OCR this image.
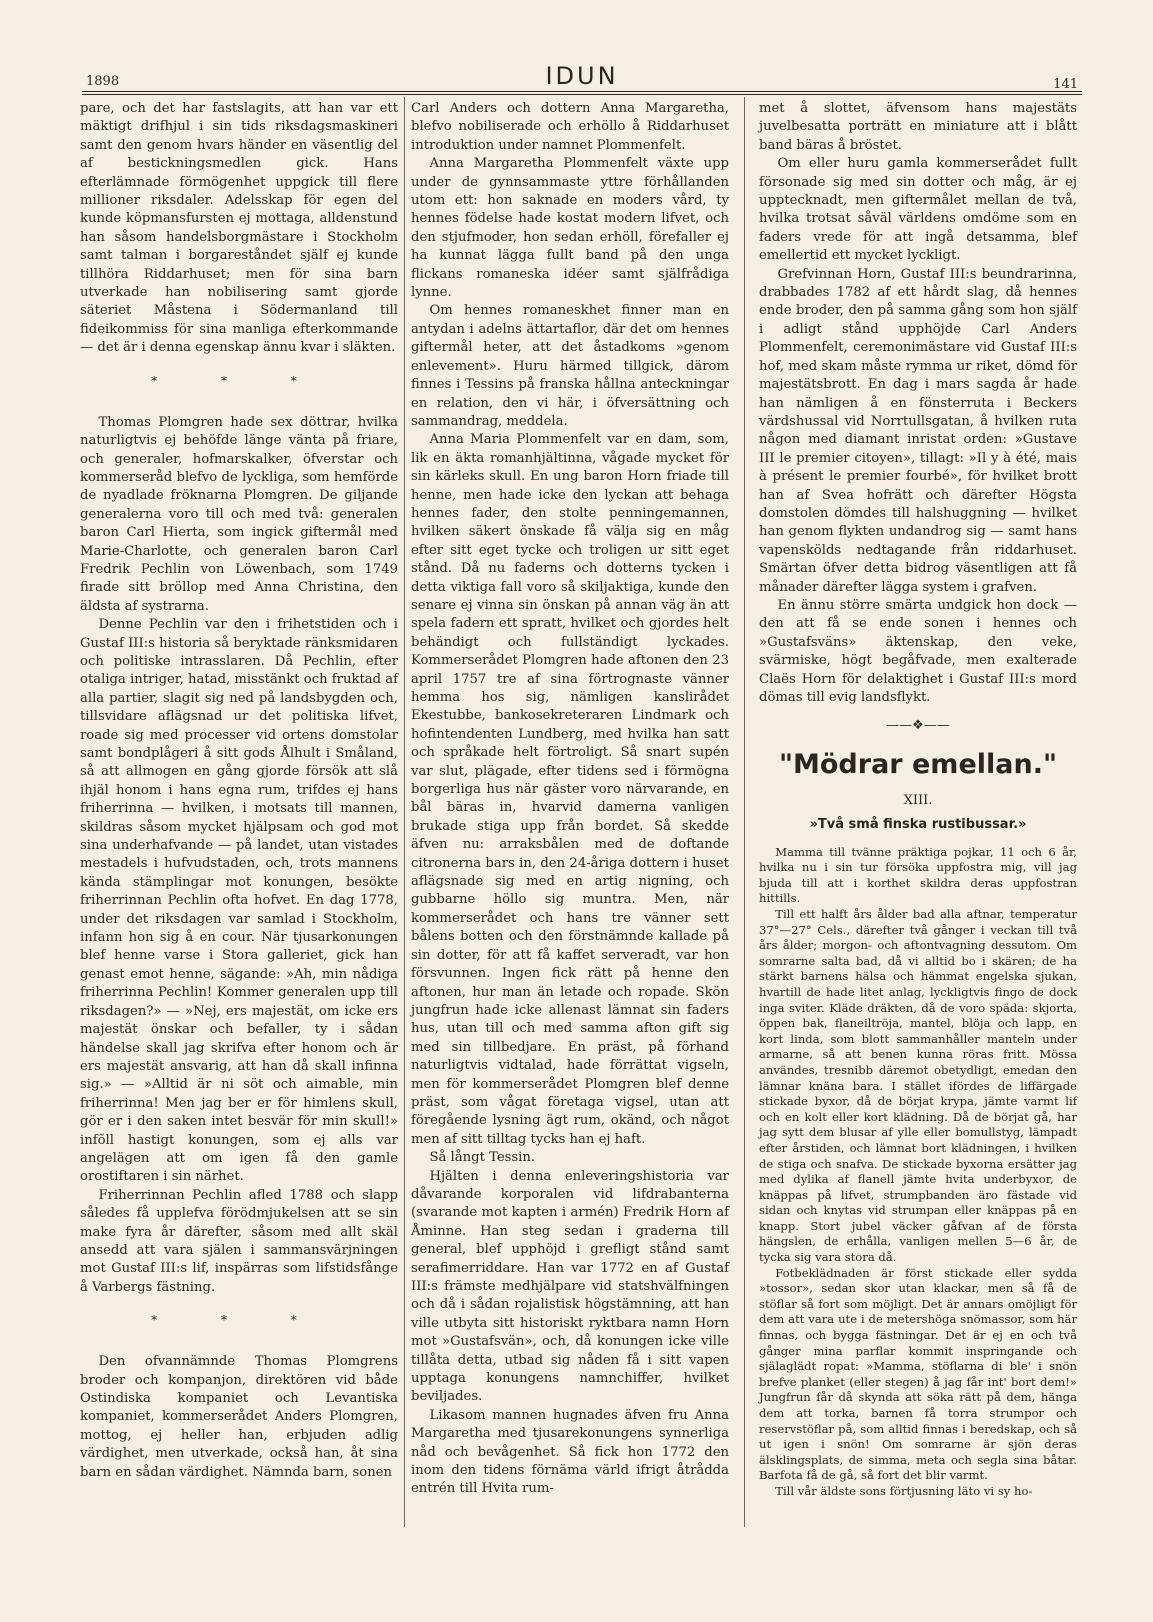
1898	IDUN	141

pare, och det har fastslagits, att han var ett mäktigt drifhjul i sin tids riksdagsmaskineri samt den genom hvars händer en väsentlig del af bestickningsmedlen gick. Hans efterlämnade förmögenhet uppgick till flere millioner riksdaler. Adelsskap för egen del kunde köpmansfursten ej mottaga, alldenstund han såsom handelsborgmästare i Stockholm samt talman i borgareståndet själf ej kunde tillhöra Riddarhuset; men för sina barn utverkade han nobilisering samt gjorde säteriet Måstena i Södermanland till fideikommiss för sina manliga efterkommande — det är i denna egenskap ännu kvar i släkten.

* * *

Thomas Plomgren hade sex döttrar, hvilka naturligtvis ej behöfde länge vänta på friare, och generaler, hofmarskalker, öfverstar och kommerseråd blefvo de lyckliga, som hemförde de nyadlade fröknarna Plomgren. De giljande generalerna voro till och med två: generalen baron Carl Hierta, som ingick giftermål med Marie-Charlotte, och generalen baron Carl Fredrik Pechlin von Löwenbach, som 1749 firade sitt bröllop med Anna Christina, den äldsta af systrarna.

Denne Pechlin var den i frihetstiden och i Gustaf III:s historia så beryktade ränksmidaren och politiske intrasslaren. Då Pechlin, efter otaliga intriger, hatad, misstänkt och fruktad af alla partier, slagit sig ned på landsbygden och, tillsvidare aflägsnad ur det politiska lifvet, roade sig med processer vid ortens domstolar samt bondplågeri å sitt gods Ålhult i Småland, så att allmogen en gång gjorde försök att slå ihjäl honom i hans egna rum, trifdes ej hans friherrinna — hvilken, i motsats till mannen, skildras såsom mycket hjälpsam och god mot sina underhafvande — på landet, utan vistades mestadels i hufvudstaden, och, trots mannens kända stämplingar mot konungen, besökte friherrinnan Pechlin ofta hofvet. En dag 1778, under det riksdagen var samlad i Stockholm, infann hon sig å en cour. När tjusarkonungen blef henne varse i Stora galleriet, gick han genast emot henne, sägande: »Ah, min nådiga friherrinna Pechlin! Kommer generalen upp till riksdagen?» — »Nej, ers majestät, om icke ers majestät önskar och befaller, ty i sådan händelse skall jag skrifva efter honom och är ers majestät ansvarig, att han då skall infinna sig.» — »Alltid är ni söt och aimable, min friherrinna! Men jag ber er för himlens skull, gör er i den saken intet besvär för min skull!» infõll hastigt konungen, som ej alls var angelägen att om igen få den gamle orostiftaren i sin närhet.

Friherrinnan Pechlin afled 1788 och slapp således få upplefva förödmjukelsen att se sin make fyra år därefter, såsom med allt skäl ansedd att vara själen i sammansvärjningen mot Gustaf III:s lif, inspärras som lifstidsfånge å Varbergs fästning.

* * *

Den ofvannämnde Thomas Plomgrens broder och kompanjon, direktören vid både Ostindiska kompaniet och Levantiska kompaniet, kommerserådet Anders Plomgren, mottog, ej heller han, erbjuden adlig värdighet, men utverkade, också han, åt sina barn en sådan värdighet. Nämnda barn, sonen

Carl Anders och dottern Anna Margaretha, blefvo nobiliserade och erhöllo å Riddarhuset introduktion under namnet Plommenfelt.

Anna Margaretha Plommenfelt växte upp under de gynnsammaste yttre förhållanden utom ett: hon saknade en moders vård, ty hennes födelse hade kostat modern lifvet, och den stjufmoder, hon sedan erhöll, förefaller ej ha kunnat lägga fullt band på den unga flickans romaneska idéer samt själfrådiga lynne.

Om hennes romaneskhet finner man en antydan i adelns ättartaflor, där det om hennes giftermål heter, att det åstadkoms »genom enlevement». Huru härmed tillgick, därom finnes i Tessins på franska hållna anteckningar en relation, den vi här, i öfversättning och sammandrag, meddela.

Anna Maria Plommenfelt var en dam, som, lik en äkta romanhjältinna, vågade mycket för sin kärleks skull. En ung baron Horn friade till henne, men hade icke den lyckan att behaga hennes fader, den stolte penningemannen, hvilken säkert önskade få välja sig en måg efter sitt eget tycke och troligen ur sitt eget stånd. Då nu faderns och dotterns tycken i detta viktiga fall voro så skiljaktiga, kunde den senare ej vinna sin önskan på annan väg än att spela fadern ett spratt, hvilket och gjordes helt behändigt och fullständigt lyckades. Kommerserådet Plomgren hade aftonen den 23 april 1757 tre af sina förtrognaste vänner hemma hos sig, nämligen kanslirådet Ekestubbe, bankosekreteraren Lindmark och hofintendenten Lundberg, med hvilka han satt och språkade helt förtroligt. Så snart supén var slut, plägade, efter tidens sed i förmögna borgerliga hus när gäster voro närvarande, en bål bäras in, hvarvid damerna vanligen brukade stiga upp från bordet. Så skedde äfven nu: arraksbålen med de doftande citronerna bars in, den 24-åriga dottern i huset aflägsnade sig med en artig nigning, och gubbarne höllo sig muntra. Men, när kommerserådet och hans tre vänner sett bålens botten och den förstnämnde kallade på sin dotter, för att få kaffet serveradt, var hon försvunnen. Ingen fick rätt på henne den aftonen, hur man än letade och ropade. Skön jungfrun hade icke allenast lämnat sin faders hus, utan till och med samma afton gift sig med sin tillbedjare. En präst, på förhand naturligtvis vidtalad, hade förrättat vigseln, men för kommerserådet Plomgren blef denne präst, som vågat företaga vigsel, utan att föregående lysning ägt rum, okänd, och något men af sitt tilltag tycks han ej haft.

Så långt Tessin.

Hjälten i denna enleveringshistoria var dåvarande korporalen vid lifdrabanterna (svarande mot kapten i armén) Fredrik Horn af Åminne. Han steg sedan i graderna till general, blef upphöjd i grefligt stånd samt serafimerriddare. Han var 1772 en af Gustaf III:s främste medhjälpare vid statshvälfningen och då i sådan rojalistisk högstämning, att han ville utbyta sitt historiskt ryktbara namn Horn mot »Gustafsvän», och, då konungen icke ville tillåta detta, utbad sig nåden få i sitt vapen upptaga konungens namnchiffer, hvilket beviljades.

Likasom mannen hugnades äfven fru Anna Margaretha med tjusarekonungens synnerliga nåd och bevågenhet. Så fick hon 1772 den inom den tidens förnäma värld ifrigt åtrådda entrén till Hvita rum-

met å slottet, äfvensom hans majestäts juvelbesatta porträtt en miniature att i blått band bäras å bröstet.

Om eller huru gamla kommerserådet fullt försonade sig med sin dotter och måg, är ej upptecknadt, men giftermålet mellan de två, hvilka trotsat såväl världens omdöme som en faders vrede för att ingå detsamma, blef emellertid ett mycket lyckligt.

Grefvinnan Horn, Gustaf III:s beundrarinna, drabbades 1782 af ett hårdt slag, då hennes ende broder, den på samma gång som hon själf i adligt stånd upphöjde Carl Anders Plommenfelt, ceremonimästare vid Gustaf III:s hof, med skam måste rymma ur riket, dömd för majestätsbrott. En dag i mars sagda år hade han nämligen å en fönsterruta i Beckers värdshussal vid Norrtullsgatan, å hvilken ruta någon med diamant inristat orden: »Gustave III le premier citoyen», tillagt: »Il y à été, mais à présent le premier fourbé», för hvilket brott han af Svea hofrätt och därefter Högsta domstolen dömdes till halshuggning — hvilket han genom flykten undandrog sig — samt hans vapenskölds nedtagande från riddarhuset. Smärtan öfver detta bidrog väsentligen att få månader därefter lägga system i grafven.

En ännu större smärta undgick hon dock — den att få se ende sonen i hennes och »Gustafsväns» äktenskap, den veke, svärmiske, högt begåfvade, men exalterade Claës Horn för delaktighet i Gustaf III:s mord dömas till evig landsflykt.

——❖——
"Mödrar emellan."
XIII.
»Två små finska rustibussar.»

Mamma till tvänne präktiga pojkar, 11 och 6 år, hvilka nu i sin tur försöka uppfostra mig, vill jag bjuda till att i korthet skildra deras uppfostran hittills.

Till ett halft års ålder bad alla aftnar, temperatur 37°—27° Cels., därefter två gånger i veckan till två års ålder; morgon- och aftontvagning dessutom. Om somrarne salta bad, då vi alltid bo i skären; de ha stärkt barnens hälsa och hämmat engelska sjukan, hvartill de hade litet anlag, lyckligtvis fingo de dock inga sviter. Kläde dräkten, då de voro späda: skjorta, öppen bak, flaneiltröja, mantel, blöja och lapp, en kort linda, som blott sammanhåller manteln under armarne, så att benen kunna röras fritt. Mössa användes, tresnibb däremot obetydligt, emedan den lämnar knäna bara. I stället ifördes de liffärgade stickade byxor, då de börjat krypa, jämte varmt lif och en kolt eller kort klädning. Då de börjat gå, har jag sytt dem blusar af ylle eller bomullstyg, lämpadt efter årstiden, och lämnat bort klädningen, i hvilken de stiga och snafva. De stickade byxorna ersätter jag med dylika af flanell jämte hvita underbyxor, de knäppas på lifvet, strumpbanden äro fästade vid sidan och knytas vid strumpan eller knäppas på en knapp. Stort jubel väcker gåfvan af de första hängslen, de erhålla, vanligen mellen 5—6 år, de tycka sig vara stora då.

Fotbeklädnaden är först stickade eller sydda »tossor», sedan skor utan klackar, men så få de stöflar så fort som möjligt. Det är annars omöjligt för dem att vara ute i de metershöga snömassor, som här finnas, och bygga fästningar. Det är ej en och två gånger mina parflar kommit inspringande och själaglädt ropat: »Mamma, stöflarna di ble' i snön brefve planket (eller stegen) å jag får int' bort dem!» Jungfrun får då skynda att söka rätt på dem, hänga dem att torka, barnen få torra strumpor och reservstöflar på, som alltid finnas i beredskap, och så ut igen i snön! Om somrarne är sjön deras älsklingsplats, de simma, meta och segla sina båtar. Barfota få de gå, så fort det blir varmt.

Till vår äldste sons förtjusning läto vi sy ho-
